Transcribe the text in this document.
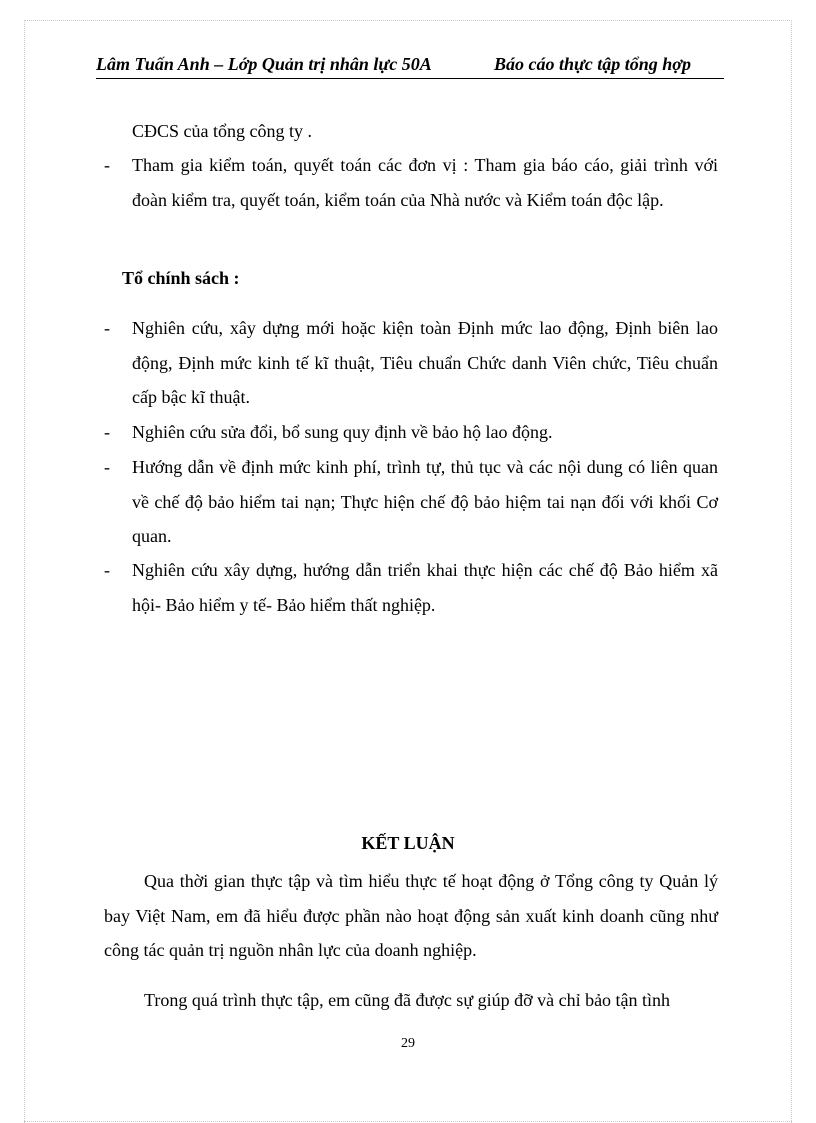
Lâm Tuấn Anh – Lớp Quản trị nhân lực 50A	Báo cáo thực tập tổng hợp
CĐCS của tổng công ty .
- Tham gia kiểm toán, quyết toán các đơn vị : Tham gia báo cáo, giải trình với đoàn kiểm tra, quyết toán, kiểm toán của Nhà nước và Kiểm toán độc lập.
Tổ chính sách :
- Nghiên cứu, xây dựng mới hoặc kiện toàn Định mức lao động, Định biên lao động, Định mức kinh tế kĩ thuật, Tiêu chuẩn Chức danh Viên chức, Tiêu chuẩn cấp bậc kĩ thuật.
- Nghiên cứu sửa đổi, bổ sung quy định về bảo hộ lao động.
- Hướng dẫn về định mức kinh phí, trình tự, thủ tục và các nội dung có liên quan về chế độ bảo hiểm tai nạn; Thực hiện chế độ bảo hiệm tai nạn đối với khối Cơ quan.
- Nghiên cứu xây dựng, hướng dẫn triển khai thực hiện các chế độ Bảo hiểm xã hội- Bảo hiểm y tế- Bảo hiểm thất nghiệp.
KẾT LUẬN
Qua thời gian thực tập và tìm hiểu thực tế hoạt động ở Tổng công ty Quản lý bay Việt Nam, em đã hiểu được phần nào hoạt động sản xuất kinh doanh cũng như công tác quản trị nguồn nhân lực của doanh nghiệp.
Trong quá trình thực tập, em cũng đã được sự giúp đỡ và chỉ bảo tận tình
29
